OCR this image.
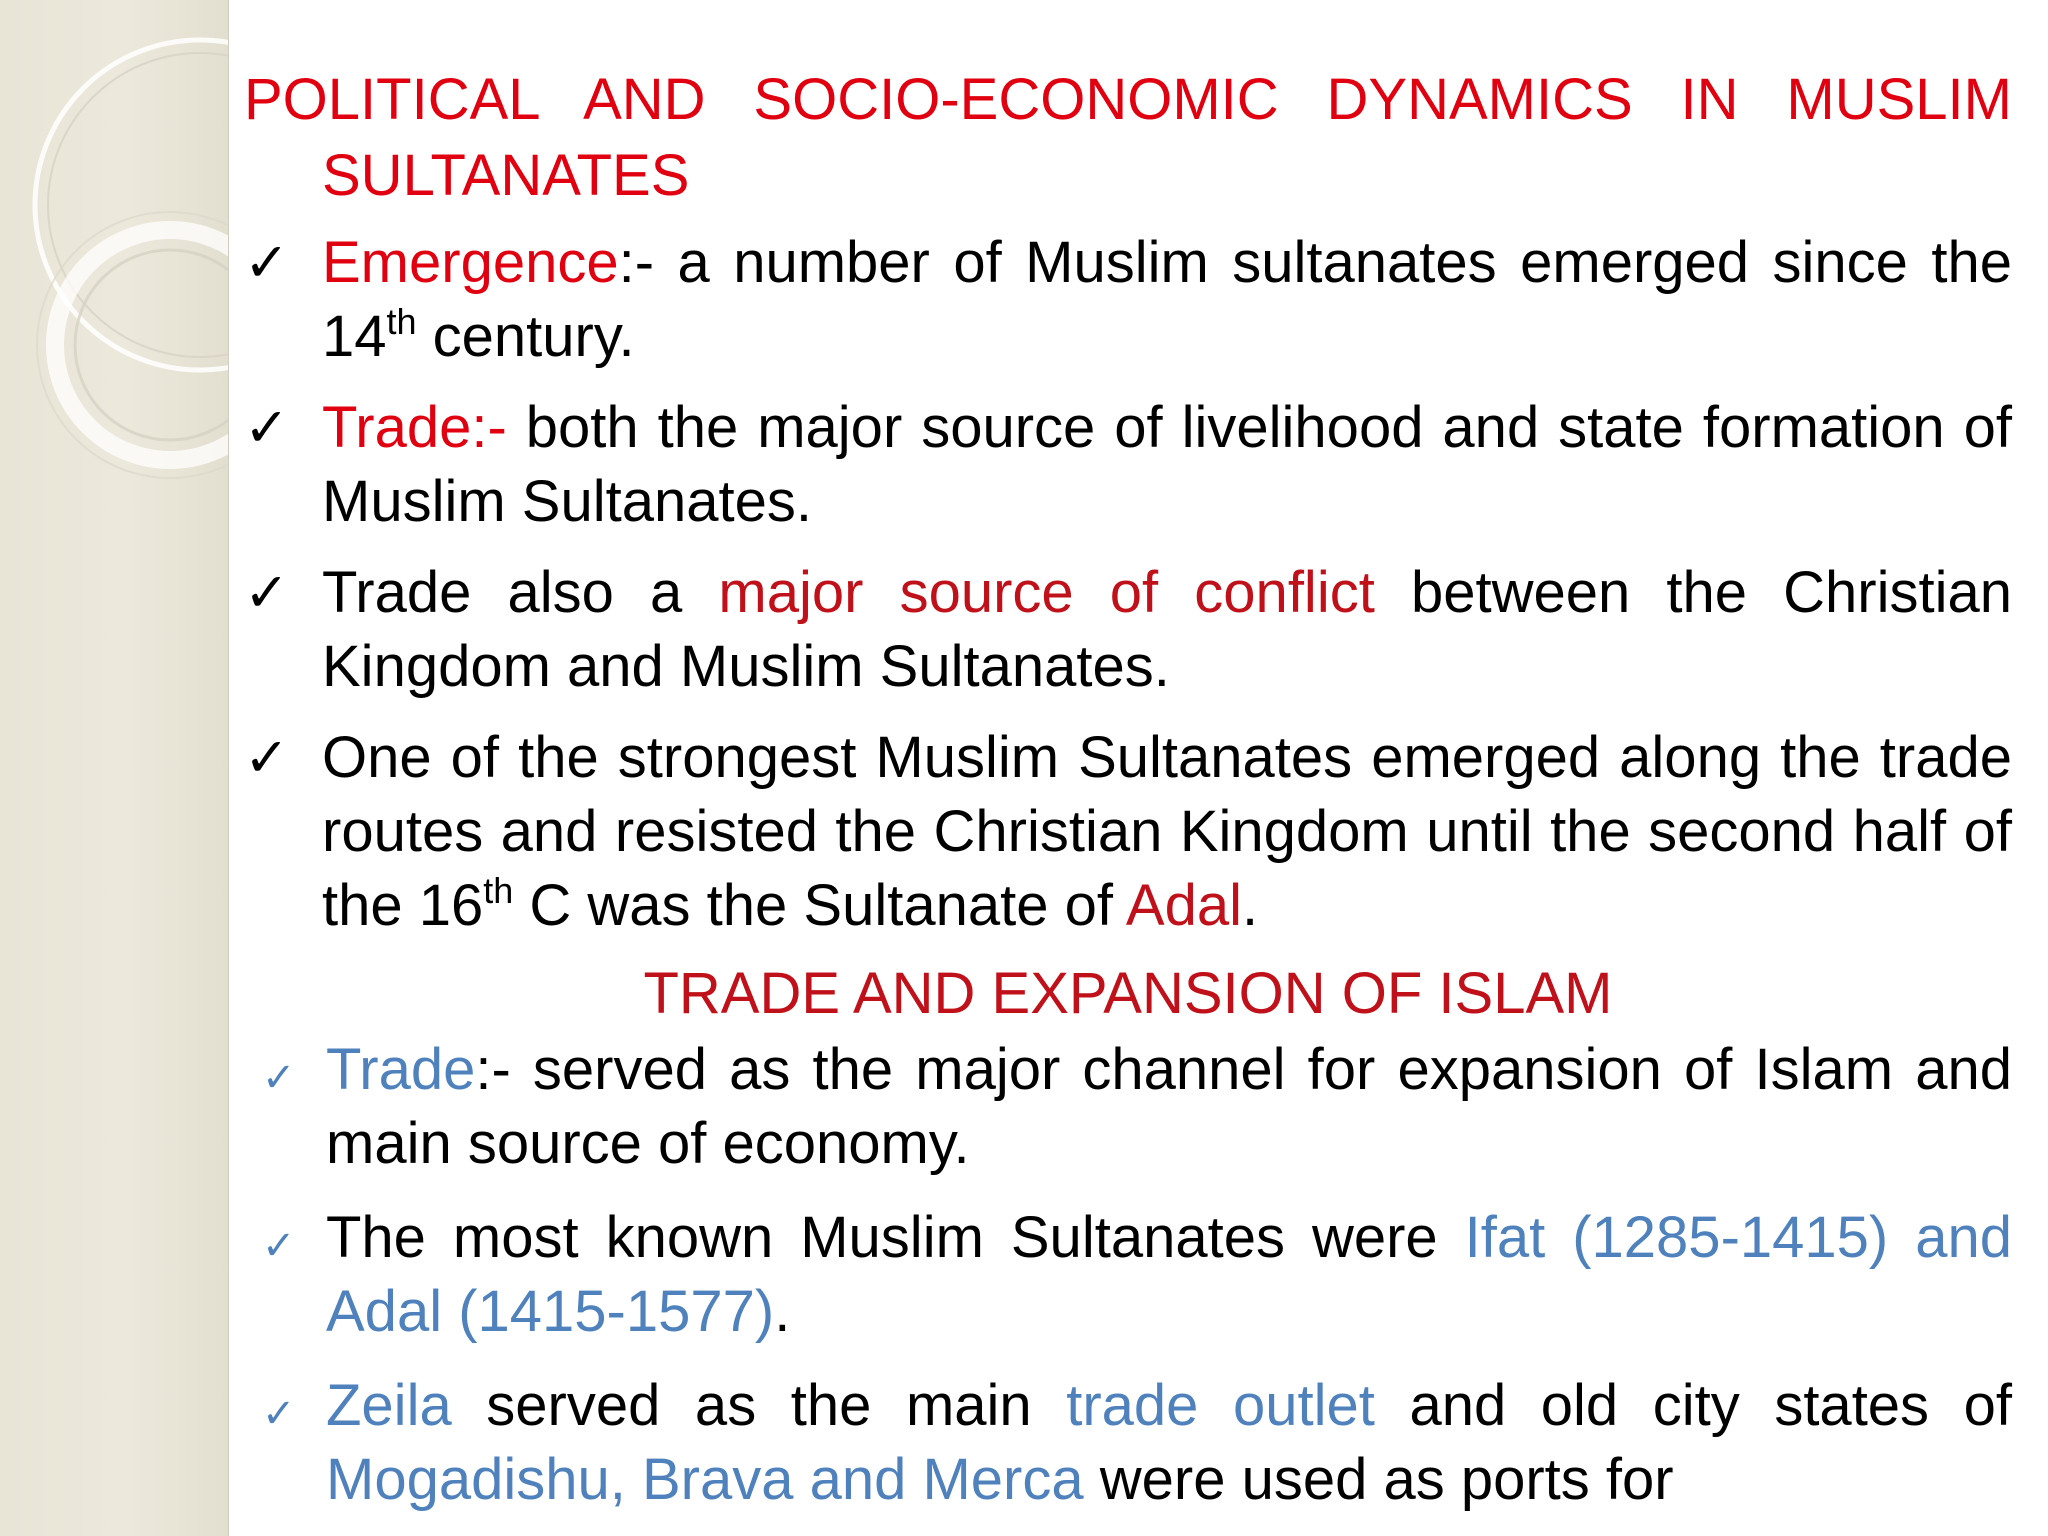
POLITICAL AND SOCIO-ECONOMIC DYNAMICS IN MUSLIM SULTANATES

✓ Emergence:- a number of Muslim sultanates emerged since the 14th century.

✓ Trade:- both the major source of livelihood and state formation of Muslim Sultanates.

✓ Trade also a major source of conflict between the Christian Kingdom and Muslim Sultanates.

✓ One of the strongest Muslim Sultanates emerged along the trade routes and resisted the Christian Kingdom until the second half of the 16th C was the Sultanate of Adal.

TRADE AND EXPANSION OF ISLAM

✓ Trade:- served as the major channel for expansion of Islam and main source of economy.

✓ The most known Muslim Sultanates were Ifat (1285-1415) and Adal (1415-1577).

✓ Zeila served as the main trade outlet and old city states of Mogadishu, Brava and Merca were used as ports for
